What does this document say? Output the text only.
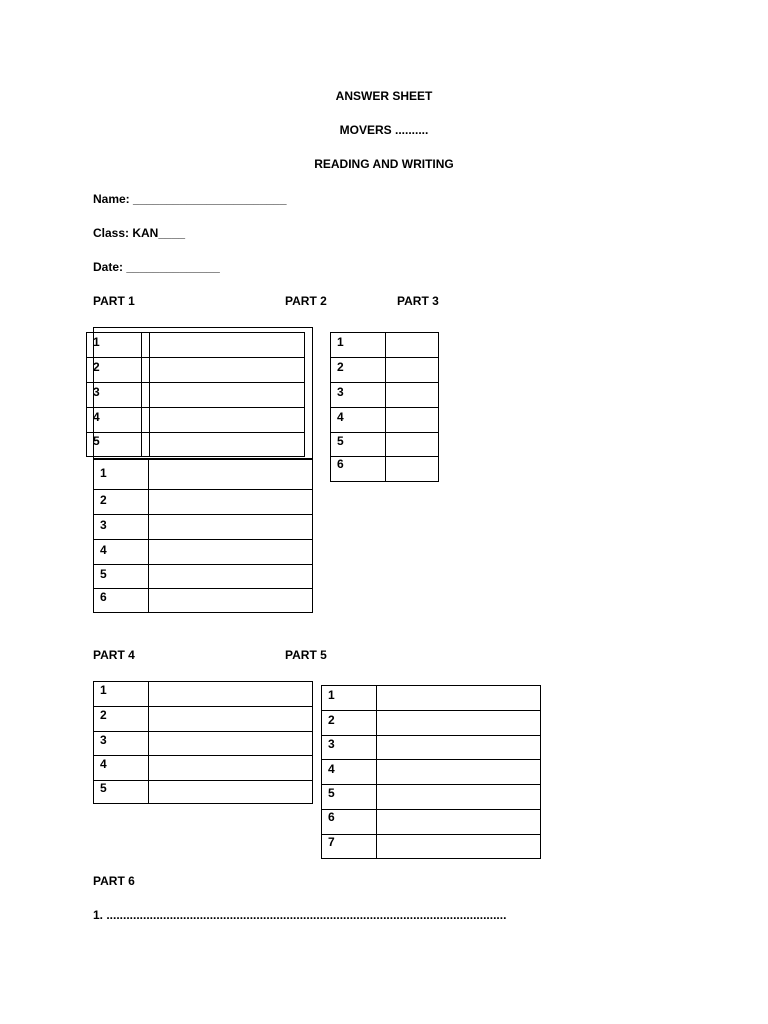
ANSWER SHEET
MOVERS ..........
READING AND WRITING
Name: _______________________
Class: KAN____
Date: ______________
PART 1	PART 2	PART 3
1
2
3
4
5
6
1
2
3
4
5
1
2
3
4
5
6
PART 4	PART 5
1
2
3
4
5
1
2
3
4
5
6
7
PART 6
1. ........................................................................................................................
